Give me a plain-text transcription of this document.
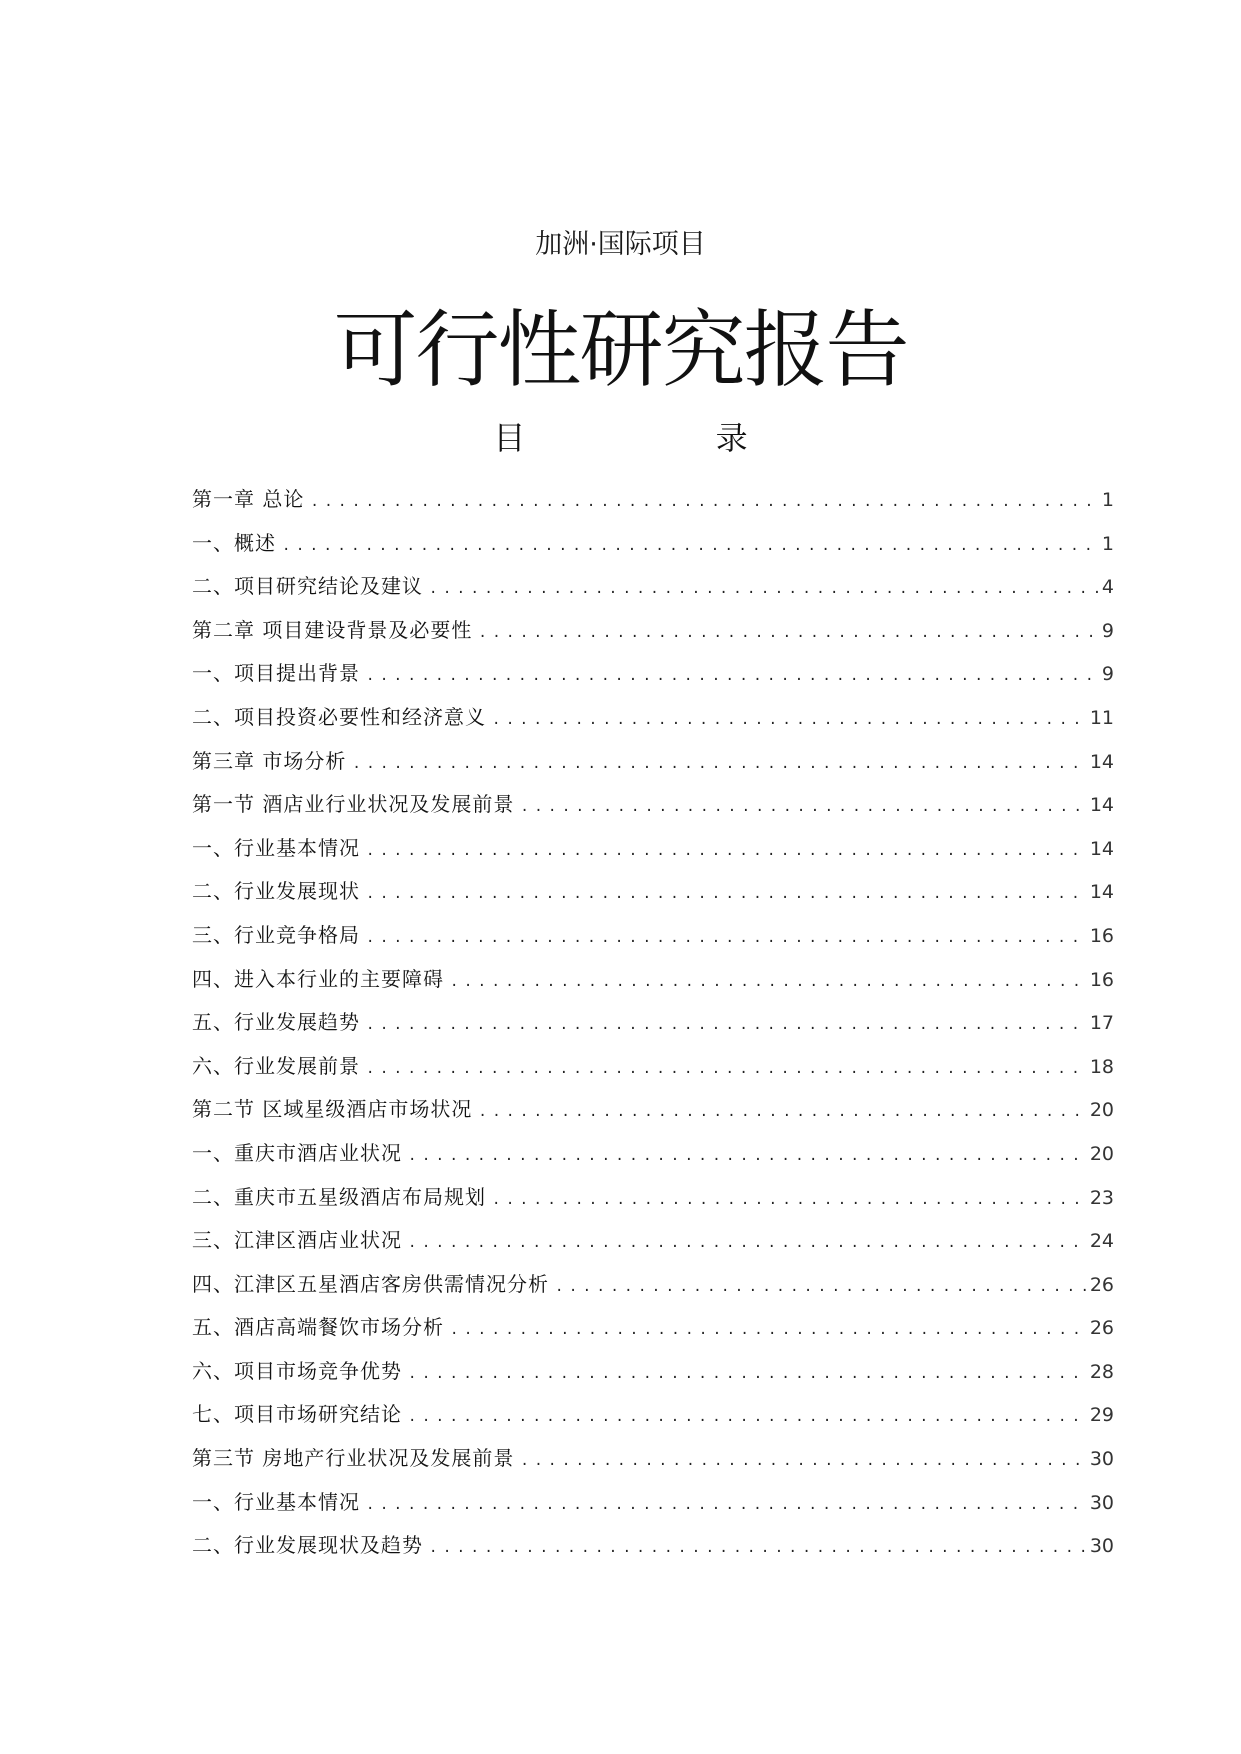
加洲·国际项目
可行性研究报告
目 录
第一章 总论 .....	1
一、概述 .....	1
二、项目研究结论及建议 .....	4
第二章 项目建设背景及必要性 .....	9
一、项目提出背景 .....	9
二、项目投资必要性和经济意义 .....	11
第三章 市场分析 .....	14
第一节 酒店业行业状况及发展前景 .....	14
一、行业基本情况 .....	14
二、行业发展现状 .....	14
三、行业竞争格局 .....	16
四、进入本行业的主要障碍 .....	16
五、行业发展趋势 .....	17
六、行业发展前景 .....	18
第二节 区域星级酒店市场状况 .....	20
一、重庆市酒店业状况 .....	20
二、重庆市五星级酒店布局规划 .....	23
三、江津区酒店业状况 .....	24
四、江津区五星酒店客房供需情况分析 .....	26
五、酒店高端餐饮市场分析 .....	26
六、项目市场竞争优势 .....	28
七、项目市场研究结论 .....	29
第三节 房地产行业状况及发展前景 .....	30
一、行业基本情况 .....	30
二、行业发展现状及趋势 .....	30
